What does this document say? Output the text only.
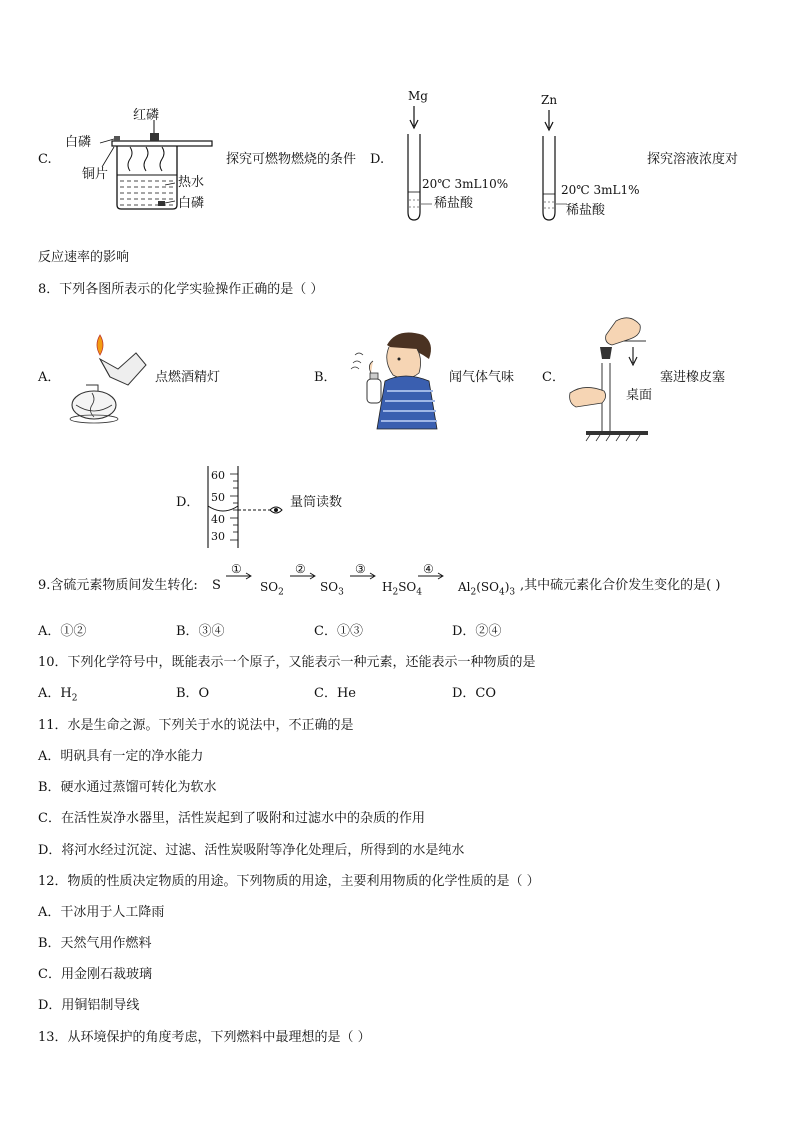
C.
红磷
白磷
铜片
热水
白磷
探究可燃物燃烧的条件 D.
Mg
20℃ 3mL10%
稀盐酸
Zn
20℃ 3mL1%
稀盐酸
探究溶液浓度对
反应速率的影响
8．下列各图所表示的化学实验操作正确的是（ ）
A．	点燃酒精灯	B．	闻气体气味 C．
桌面
塞进橡皮塞
D．
60
50
40
30
量筒读数
9.含硫元素物质间发生转化: S
①	②	③	④
$SO_2$	$SO_3$	$H_2SO_4$	$Al_2(SO_4)_3$ ,其中硫元素化合价发生变化的是( )
A．①②	B．③④	C．①③	D．②④
10．下列化学符号中，既能表示一个原子，又能表示一种元素，还能表示一种物质的是
A．$H_2$	B．O	C．He	D．CO
11．水是生命之源。下列关于水的说法中，不正确的是
A．明矾具有一定的净水能力
B．硬水通过蒸馏可转化为软水
C．在活性炭净水器里，活性炭起到了吸附和过滤水中的杂质的作用
D．将河水经过沉淀、过滤、活性炭吸附等净化处理后，所得到的水是纯水
12．物质的性质决定物质的用途。下列物质的用途，主要利用物质的化学性质的是（ ）
A．干冰用于人工降雨
B．天然气用作燃料
C．用金刚石裁玻璃
D．用铜铝制导线
13．从环境保护的角度考虑，下列燃料中最理想的是（ ）
